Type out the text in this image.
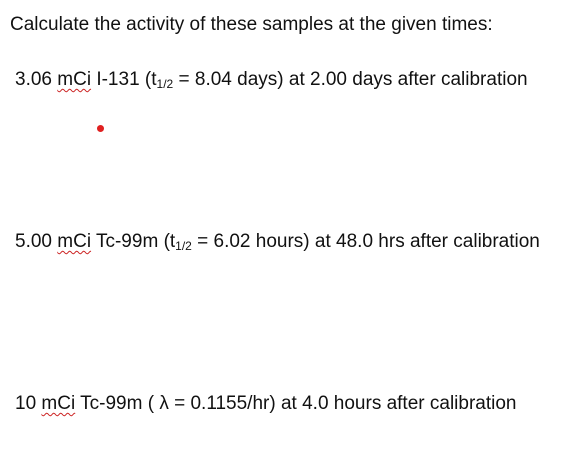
Calculate the activity of these samples at the given times:
3.06 mCi I-131 ($t_{1/2} = 8.04$ days) at 2.00 days after calibration
5.00 mCi Tc-99m ($t_{1/2} = 6.02$ hours) at 48.0 hrs after calibration
10 mCi Tc-99m ( λ = 0.1155/hr) at 4.0 hours after calibration
